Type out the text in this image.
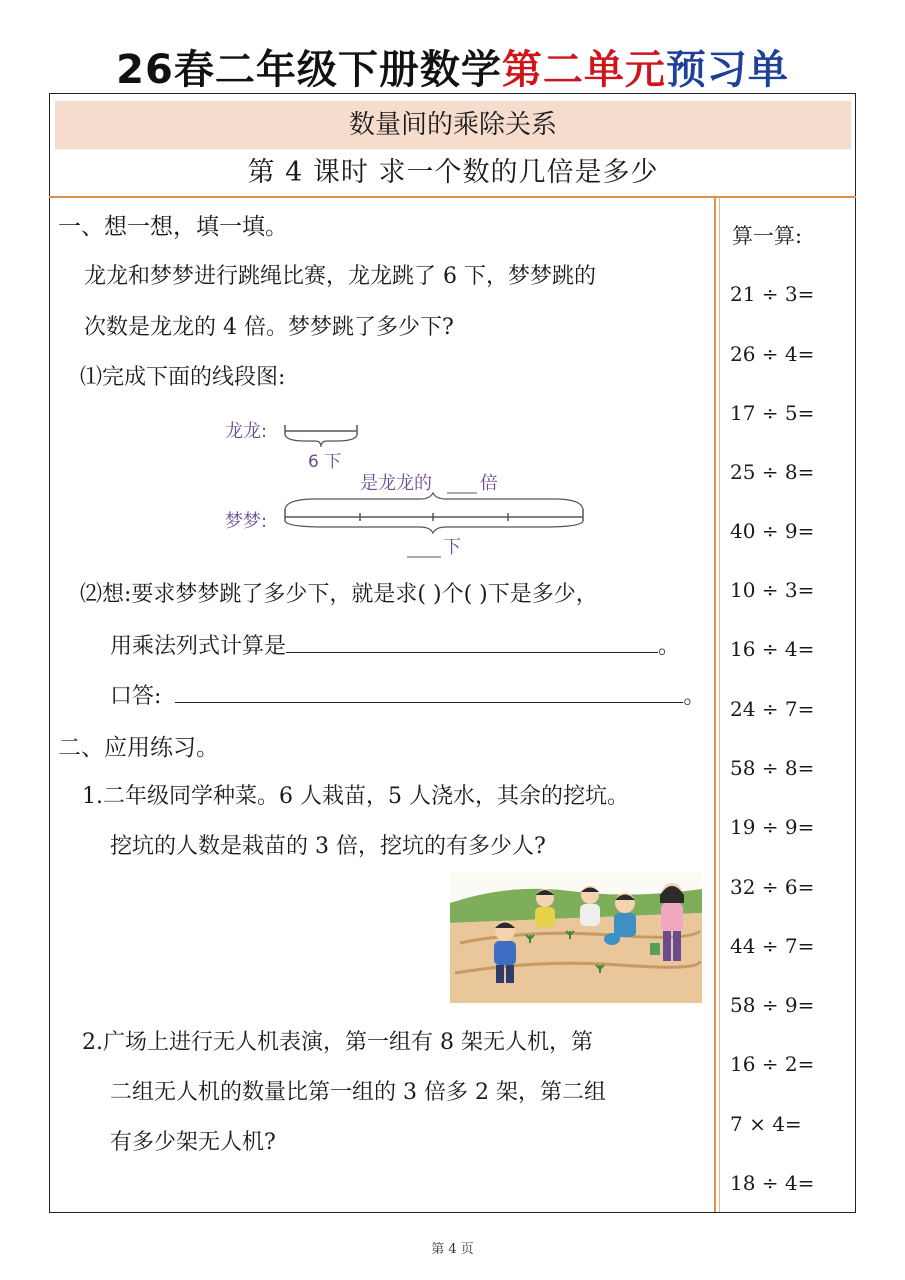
26春二年级下册数学第二单元预习单
数量间的乘除关系
第 4 课时 求一个数的几倍是多少
一、想一想，填一填。
龙龙和梦梦进行跳绳比赛，龙龙跳了 6 下，梦梦跳的
次数是龙龙的 4 倍。梦梦跳了多少下?
⑴完成下面的线段图:
龙龙:
6 下
是龙龙的	倍
梦梦:
下
⑵想:要求梦梦跳了多少下，就是求( )个( )下是多少，
用乘法列式计算是	。
口答:	。
二、应用练习。
1.二年级同学种菜。6 人栽苗，5 人浇水，其余的挖坑。
挖坑的人数是栽苗的 3 倍，挖坑的有多少人?
2.广场上进行无人机表演，第一组有 8 架无人机，第
二组无人机的数量比第一组的 3 倍多 2 架，第二组
有多少架无人机?
算一算:
21 ÷ 3=
26 ÷ 4=
17 ÷ 5=
25 ÷ 8=
40 ÷ 9=
10 ÷ 3=
16 ÷ 4=
24 ÷ 7=
58 ÷ 8=
19 ÷ 9=
32 ÷ 6=
44 ÷ 7=
58 ÷ 9=
16 ÷ 2=
7 × 4=
18 ÷ 4=
第 4 页
